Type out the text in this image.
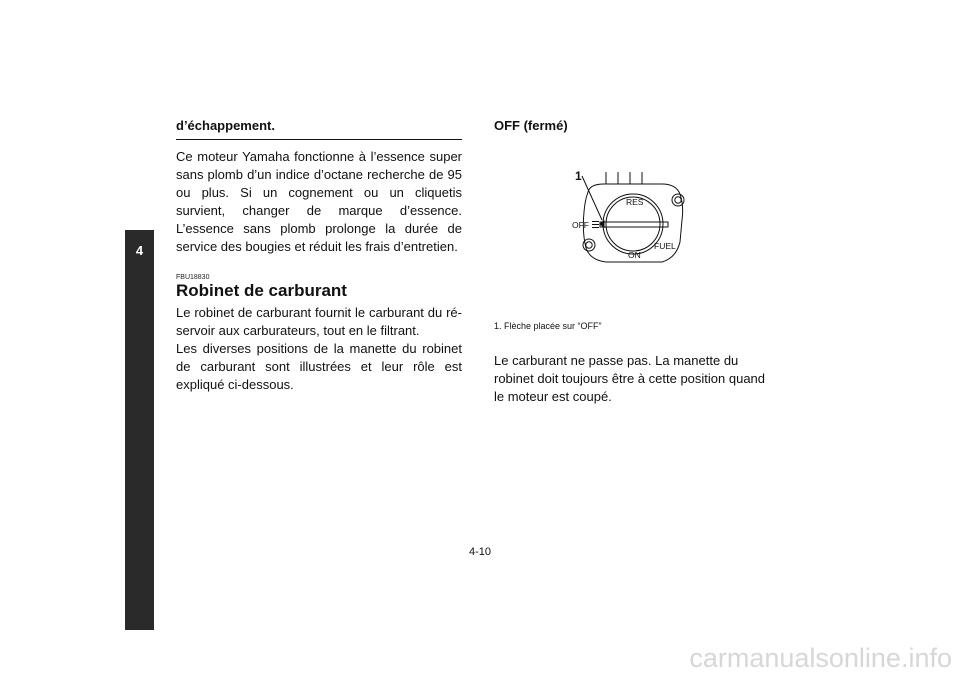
4
d’échappement.

Ce moteur Yamaha fonctionne à l’essence super sans plomb d’un indice d’octane recherche de 95 ou plus. Si un cognement ou un cliquetis survient, changer de marque d’essence. L’essence sans plomb prolonge la durée de service des bougies et réduit les frais d’entretien.

FBU18830
Robinet de carburant

Le robinet de carburant fournit le carburant du ré-servoir aux carburateurs, tout en le filtrant.

Les diverses positions de la manette du robinet de carburant sont illustrées et leur rôle est expliqué ci-dessous.

OFF (fermé)
1
OFF
RES
FUEL
ON
1. Flèche placée sur “OFF”

Le carburant ne passe pas. La manette du robinet doit toujours être à cette position quand le moteur est coupé.

4-10
carmanualsonline.info
